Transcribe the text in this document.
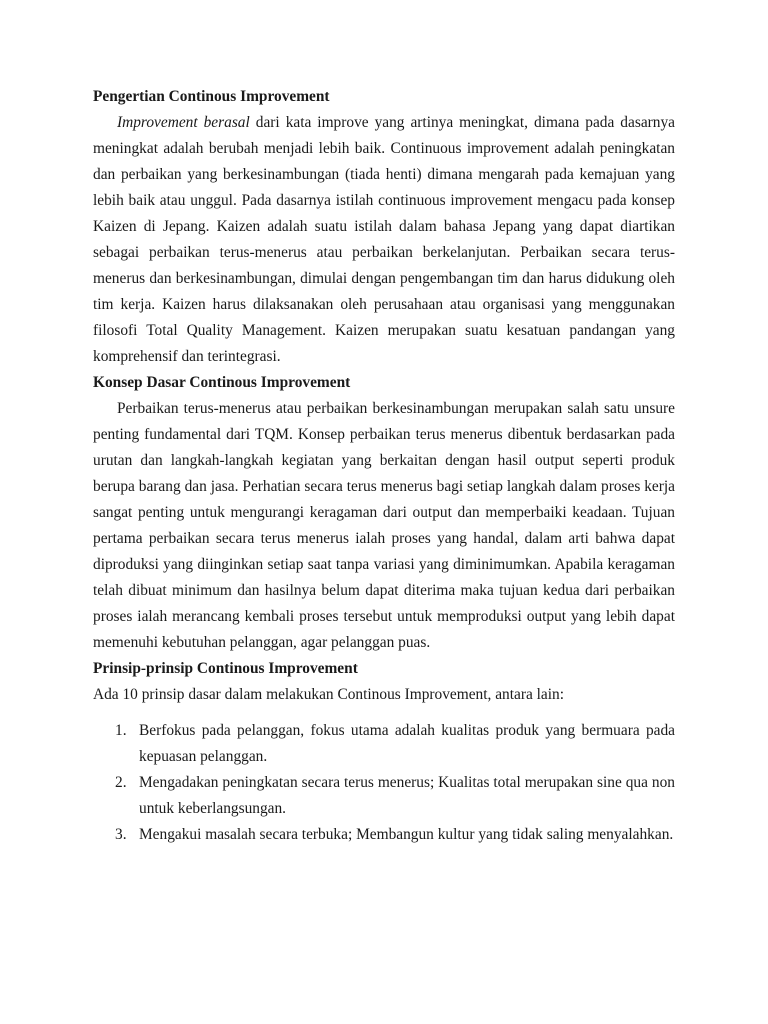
Pengertian Continous Improvement

Improvement berasal dari kata improve yang artinya meningkat, dimana pada dasarnya meningkat adalah berubah menjadi lebih baik. Continuous improvement adalah peningkatan dan perbaikan yang berkesinambungan (tiada henti) dimana mengarah pada kemajuan yang lebih baik atau unggul. Pada dasarnya istilah continuous improvement mengacu pada konsep Kaizen di Jepang. Kaizen adalah suatu istilah dalam bahasa Jepang yang dapat diartikan sebagai perbaikan terus-menerus atau perbaikan berkelanjutan. Perbaikan secara terus-menerus dan berkesinambungan, dimulai dengan pengembangan tim dan harus didukung oleh tim kerja. Kaizen harus dilaksanakan oleh perusahaan atau organisasi yang menggunakan filosofi Total Quality Management. Kaizen merupakan suatu kesatuan pandangan yang komprehensif dan terintegrasi.

Konsep Dasar Continous Improvement

Perbaikan terus-menerus atau perbaikan berkesinambungan merupakan salah satu unsure penting fundamental dari TQM. Konsep perbaikan terus menerus dibentuk berdasarkan pada urutan dan langkah-langkah kegiatan yang berkaitan dengan hasil output seperti produk berupa barang dan jasa. Perhatian secara terus menerus bagi setiap langkah dalam proses kerja sangat penting untuk mengurangi keragaman dari output dan memperbaiki keadaan. Tujuan pertama perbaikan secara terus menerus ialah proses yang handal, dalam arti bahwa dapat diproduksi yang diinginkan setiap saat tanpa variasi yang diminimumkan. Apabila keragaman telah dibuat minimum dan hasilnya belum dapat diterima maka tujuan kedua dari perbaikan proses ialah merancang kembali proses tersebut untuk memproduksi output yang lebih dapat memenuhi kebutuhan pelanggan, agar pelanggan puas.

Prinsip-prinsip Continous Improvement

Ada 10 prinsip dasar dalam melakukan Continous Improvement, antara lain:

1. Berfokus pada pelanggan, fokus utama adalah kualitas produk yang bermuara pada kepuasan pelanggan.
2. Mengadakan peningkatan secara terus menerus; Kualitas total merupakan sine qua non untuk keberlangsungan.
3. Mengakui masalah secara terbuka; Membangun kultur yang tidak saling menyalahkan.
